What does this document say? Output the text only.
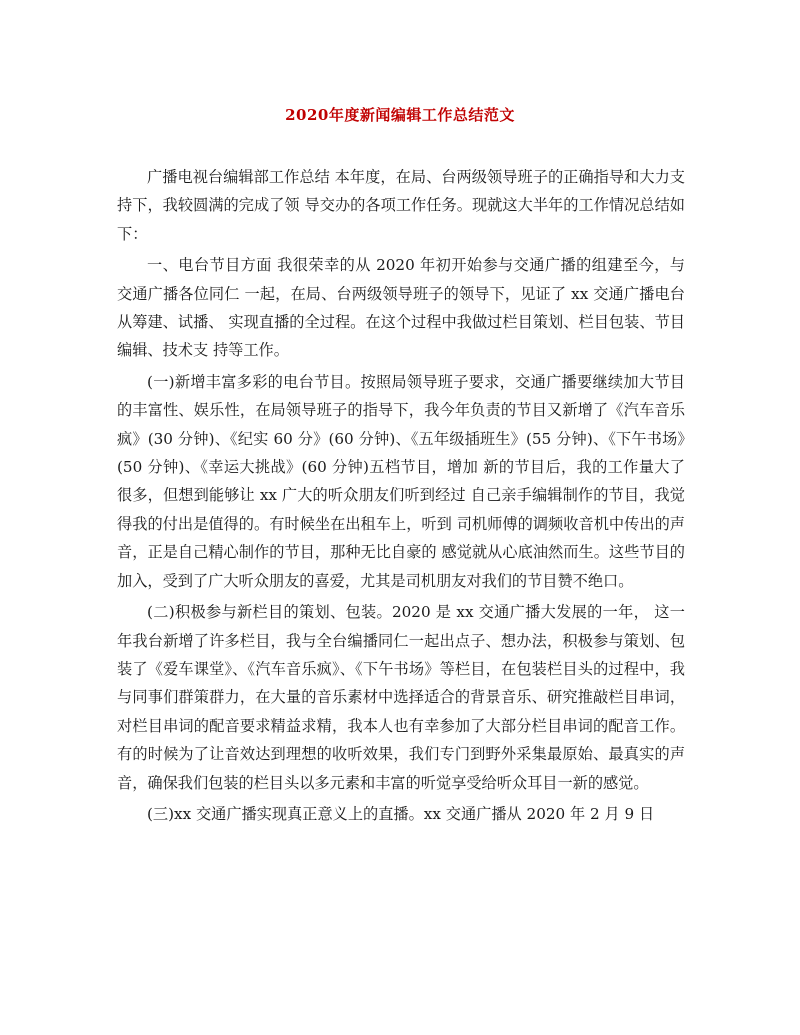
2020年度新闻编辑工作总结范文

广播电视台编辑部工作总结 本年度，在局、台两级领导班子的正确指导和大力支持下，我较圆满的完成了领 导交办的各项工作任务。现就这大半年的工作情况总结如下：

一、电台节目方面 我很荣幸的从 2020 年初开始参与交通广播的组建至今，与交通广播各位同仁 一起，在局、台两级领导班子的领导下，见证了 xx 交通广播电台从筹建、试播、 实现直播的全过程。在这个过程中我做过栏目策划、栏目包装、节目编辑、技术支 持等工作。

(一)新增丰富多彩的电台节目。按照局领导班子要求，交通广播要继续加大节目的丰富性、娱乐性，在局领导班子的指导下，我今年负责的节目又新增了《汽车音乐疯》(30 分钟)、《纪实 60 分》(60 分钟)、《五年级插班生》(55 分钟)、《下午书场》(50 分钟)、《幸运大挑战》(60 分钟)五档节目，增加 新的节目后，我的工作量大了很多，但想到能够让 xx 广大的听众朋友们听到经过 自己亲手编辑制作的节目，我觉得我的付出是值得的。有时候坐在出租车上，听到 司机师傅的调频收音机中传出的声音，正是自己精心制作的节目，那种无比自豪的 感觉就从心底油然而生。这些节目的加入，受到了广大听众朋友的喜爱，尤其是司机朋友对我们的节目赞不绝口。

(二)积极参与新栏目的策划、包装。2020 是 xx 交通广播大发展的一年， 这一年我台新增了许多栏目，我与全台编播同仁一起出点子、想办法，积极参与策划、包装了《爱车课堂》、《汽车音乐疯》、《下午书场》等栏目，在包装栏目头的过程中，我与同事们群策群力，在大量的音乐素材中选择适合的背景音乐、研究推敲栏目串词，对栏目串词的配音要求精益求精，我本人也有幸参加了大部分栏目串词的配音工作。有的时候为了让音效达到理想的收听效果，我们专门到野外采集最原始、最真实的声音，确保我们包装的栏目头以多元素和丰富的听觉享受给听众耳目一新的感觉。

(三)xx 交通广播实现真正意义上的直播。xx 交通广播从 2020 年 2 月 9 日
